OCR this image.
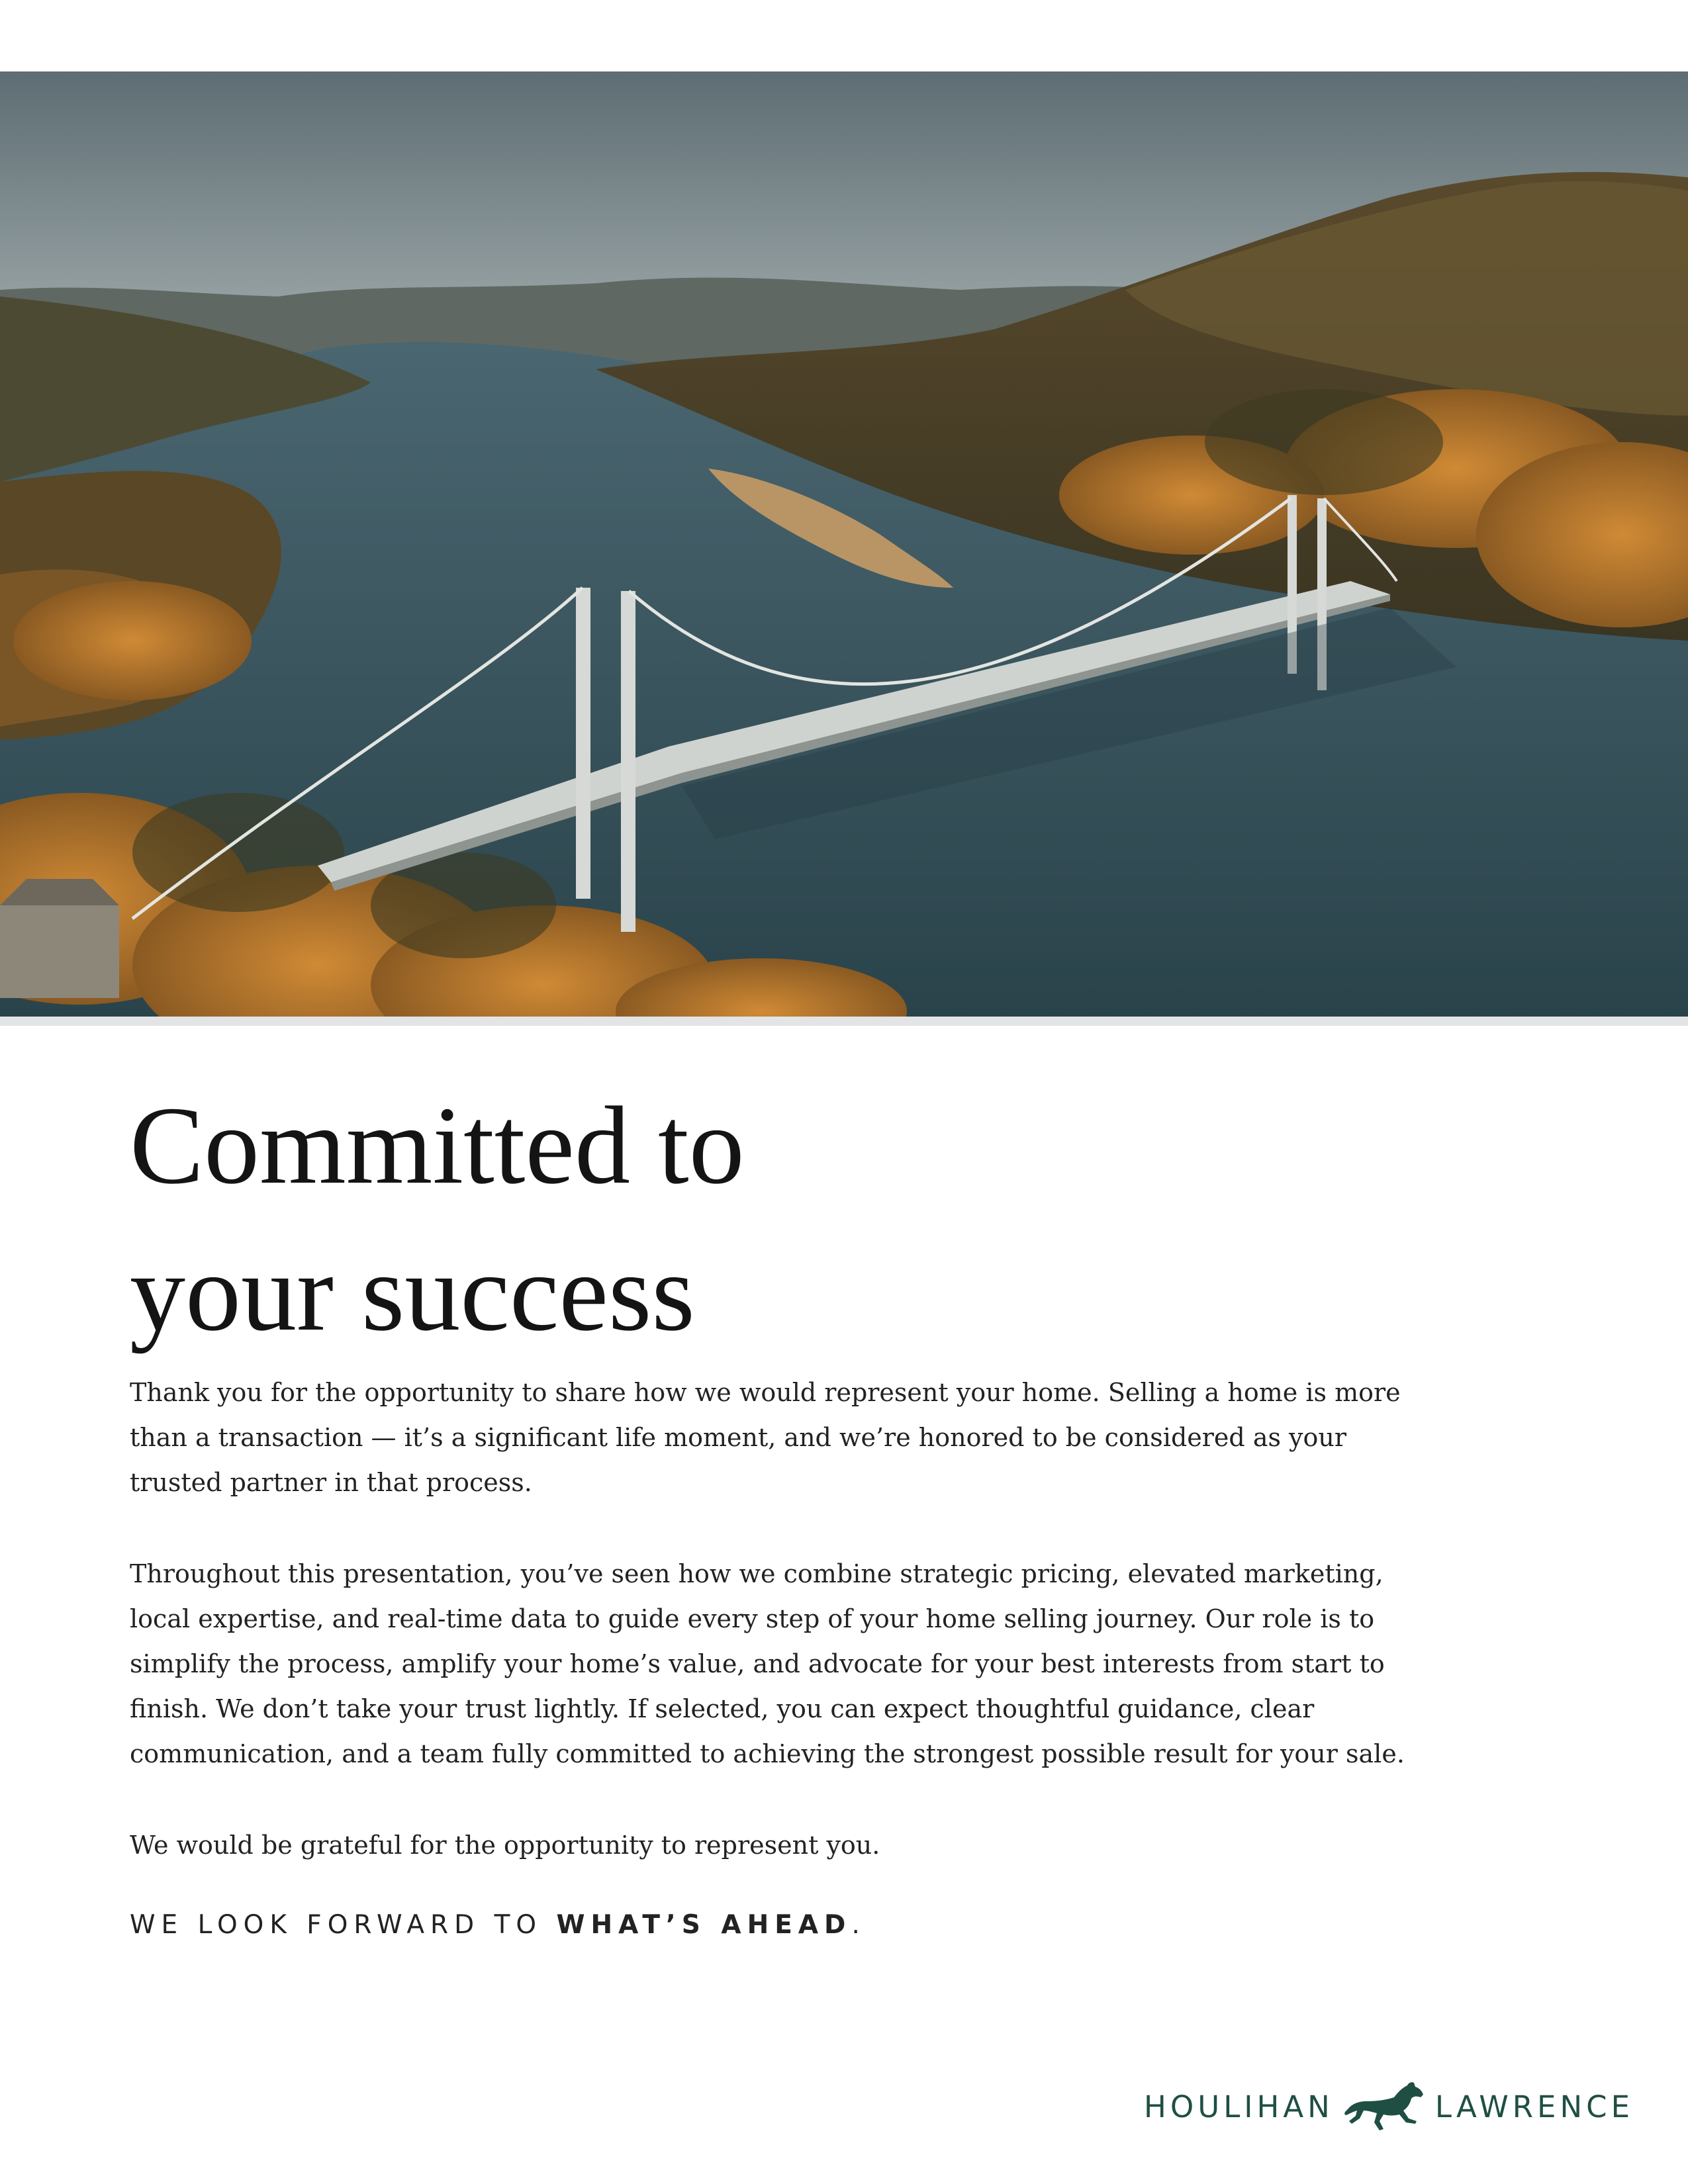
Committed to
your success

Thank you for the opportunity to share how we would represent your home. Selling a home is more than a transaction — it’s a significant life moment, and we’re honored to be considered as your trusted partner in that process.

Throughout this presentation, you’ve seen how we combine strategic pricing, elevated marketing, local expertise, and real-time data to guide every step of your home selling journey. Our role is to simplify the process, amplify your home’s value, and advocate for your best interests from start to finish. We don’t take your trust lightly. If selected, you can expect thoughtful guidance, clear communication, and a team fully committed to achieving the strongest possible result for your sale.

We would be grateful for the opportunity to represent you.

WE LOOK FORWARD TO WHAT’S AHEAD.
HOULIHAN	LAWRENCE
